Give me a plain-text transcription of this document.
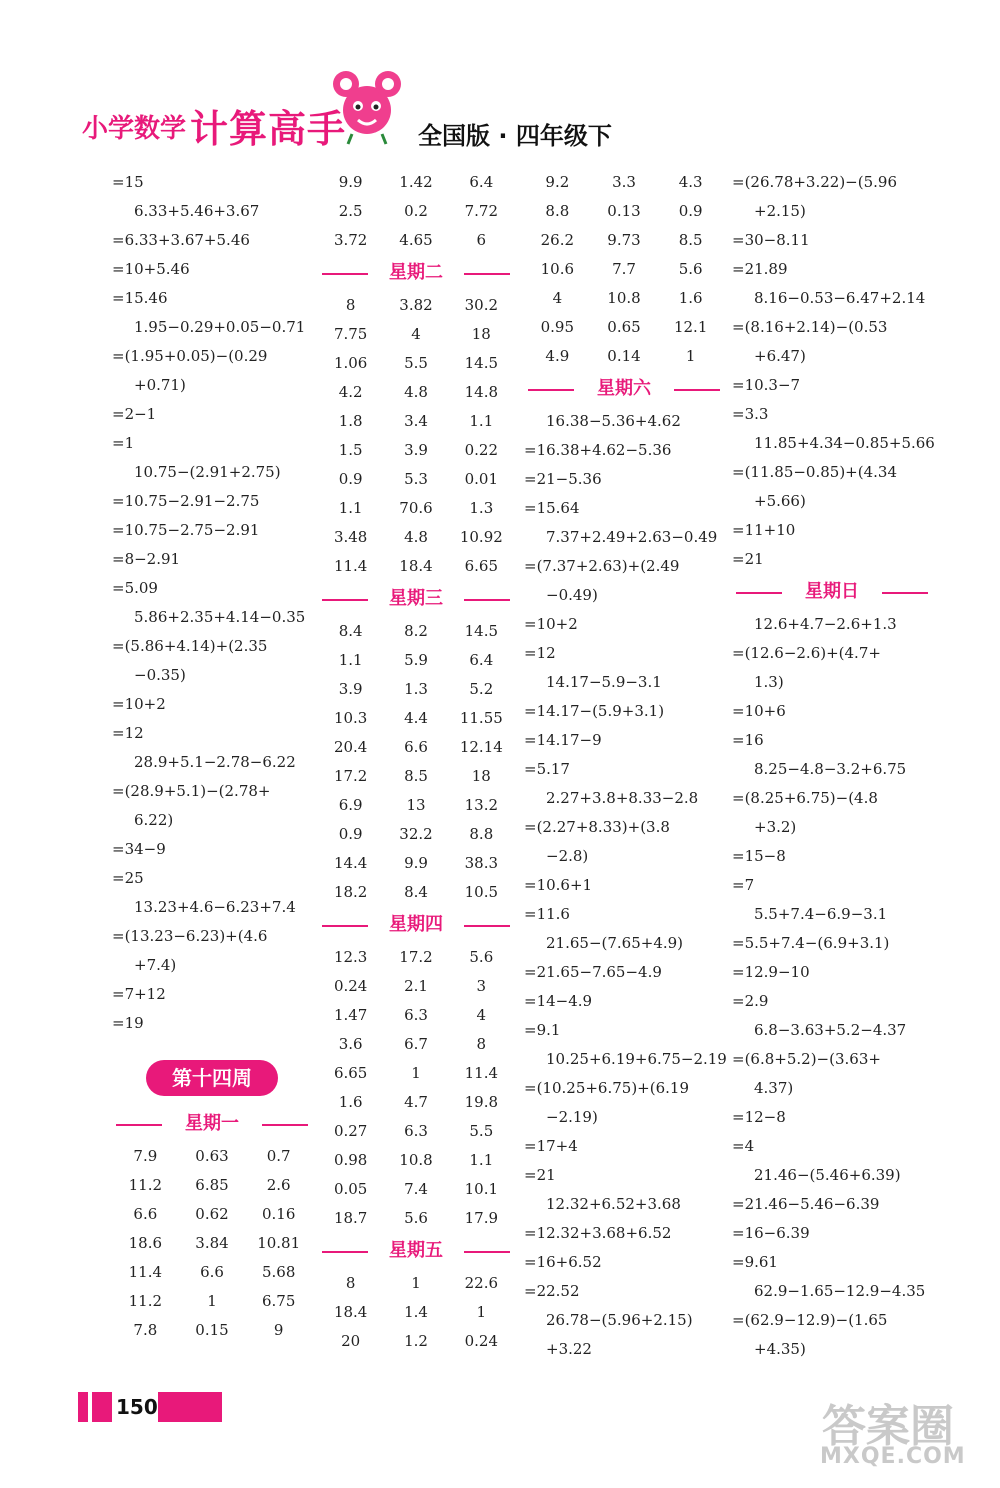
小学数学 计算高手	全国版 · 四年级下
=15
6.33+5.46+3.67
=6.33+3.67+5.46
=10+5.46
=15.46
1.95−0.29+0.05−0.71
=(1.95+0.05)−(0.29
+0.71)
=2−1
=1
10.75−(2.91+2.75)
=10.75−2.91−2.75
=10.75−2.75−2.91
=8−2.91
=5.09
5.86+2.35+4.14−0.35
=(5.86+4.14)+(2.35
−0.35)
=10+2
=12
28.9+5.1−2.78−6.22
=(28.9+5.1)−(2.78+
6.22)
=34−9
=25
13.23+4.6−6.23+7.4
=(13.23−6.23)+(4.6
+7.4)
=7+12
=19
第十四周
星期一
7.9	0.63	0.7
11.2	6.85	2.6
6.6	0.62	0.16
18.6	3.84	10.81
11.4	6.6	5.68
11.2	1	6.75
7.8	0.15	9
9.9	1.42	6.4
2.5	0.2	7.72
3.72	4.65	6
星期二
8	3.82	30.2
7.75	4	18
1.06	5.5	14.5
4.2	4.8	14.8
1.8	3.4	1.1
1.5	3.9	0.22
0.9	5.3	0.01
1.1	70.6	1.3
3.48	4.8	10.92
11.4	18.4	6.65
星期三
8.4	8.2	14.5
1.1	5.9	6.4
3.9	1.3	5.2
10.3	4.4	11.55
20.4	6.6	12.14
17.2	8.5	18
6.9	13	13.2
0.9	32.2	8.8
14.4	9.9	38.3
18.2	8.4	10.5
星期四
12.3	17.2	5.6
0.24	2.1	3
1.47	6.3	4
3.6	6.7	8
6.65	1	11.4
1.6	4.7	19.8
0.27	6.3	5.5
0.98	10.8	1.1
0.05	7.4	10.1
18.7	5.6	17.9
星期五
8	1	22.6
18.4	1.4	1
20	1.2	0.24
9.2	3.3	4.3
8.8	0.13	0.9
26.2	9.73	8.5
10.6	7.7	5.6
4	10.8	1.6
0.95	0.65	12.1
4.9	0.14	1
星期六
16.38−5.36+4.62
=16.38+4.62−5.36
=21−5.36
=15.64
7.37+2.49+2.63−0.49
=(7.37+2.63)+(2.49
−0.49)
=10+2
=12
14.17−5.9−3.1
=14.17−(5.9+3.1)
=14.17−9
=5.17
2.27+3.8+8.33−2.8
=(2.27+8.33)+(3.8
−2.8)
=10.6+1
=11.6
21.65−(7.65+4.9)
=21.65−7.65−4.9
=14−4.9
=9.1
10.25+6.19+6.75−2.19
=(10.25+6.75)+(6.19
−2.19)
=17+4
=21
12.32+6.52+3.68
=12.32+3.68+6.52
=16+6.52
=22.52
26.78−(5.96+2.15)
+3.22
=(26.78+3.22)−(5.96
+2.15)
=30−8.11
=21.89
8.16−0.53−6.47+2.14
=(8.16+2.14)−(0.53
+6.47)
=10.3−7
=3.3
11.85+4.34−0.85+5.66
=(11.85−0.85)+(4.34
+5.66)
=11+10
=21
星期日
12.6+4.7−2.6+1.3
=(12.6−2.6)+(4.7+
1.3)
=10+6
=16
8.25−4.8−3.2+6.75
=(8.25+6.75)−(4.8
+3.2)
=15−8
=7
5.5+7.4−6.9−3.1
=5.5+7.4−(6.9+3.1)
=12.9−10
=2.9
6.8−3.63+5.2−4.37
=(6.8+5.2)−(3.63+
4.37)
=12−8
=4
21.46−(5.46+6.39)
=21.46−5.46−6.39
=16−6.39
=9.61
62.9−1.65−12.9−4.35
=(62.9−12.9)−(1.65
+4.35)
150	答案圈
MXQE.COM
